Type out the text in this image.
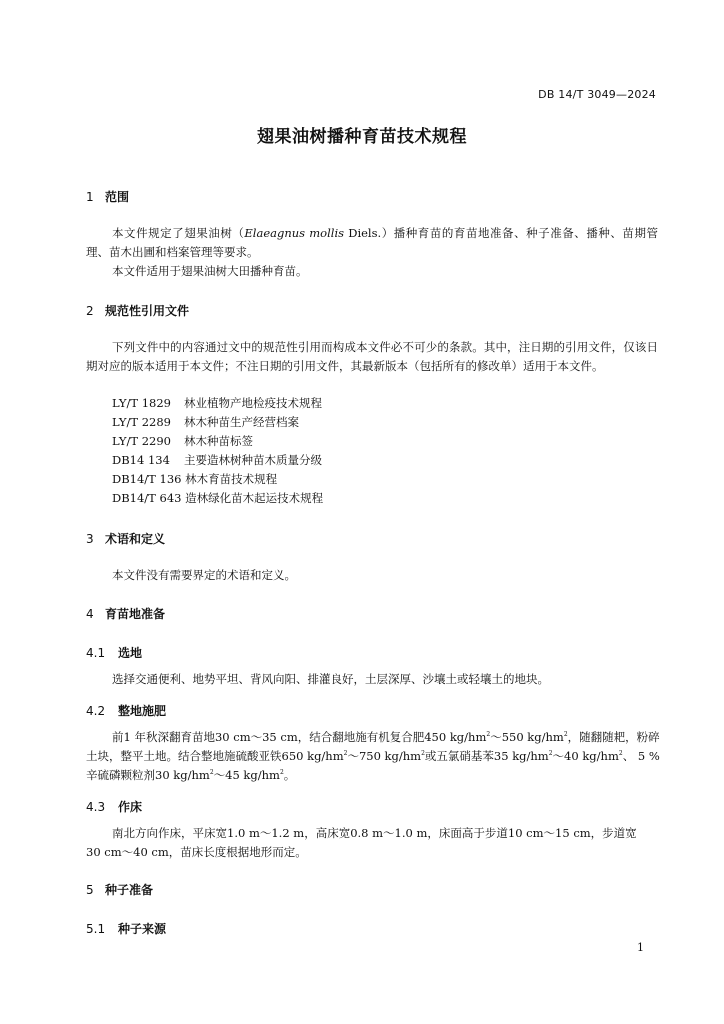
DB 14/T 3049—2024
翅果油树播种育苗技术规程
1 范围
本文件规定了翅果油树（Elaeagnus mollis Diels.）播种育苗的育苗地准备、种子准备、播种、苗期管理、苗木出圃和档案管理等要求。
本文件适用于翅果油树大田播种育苗。
2 规范性引用文件
下列文件中的内容通过文中的规范性引用而构成本文件必不可少的条款。其中，注日期的引用文件，仅该日期对应的版本适用于本文件；不注日期的引用文件，其最新版本（包括所有的修改单）适用于本文件。
LY/T 1829 林业植物产地检疫技术规程
LY/T 2289 林木种苗生产经营档案
LY/T 2290 林木种苗标签
DB14 134 主要造林树种苗木质量分级
DB14/T 136 林木育苗技术规程
DB14/T 643 造林绿化苗木起运技术规程
3 术语和定义
本文件没有需要界定的术语和定义。
4 育苗地准备
4.1 选地
选择交通便利、地势平坦、背风向阳、排灌良好，土层深厚、沙壤土或轻壤土的地块。
4.2 整地施肥
前1 年秋深翻育苗地30 cm～35 cm，结合翻地施有机复合肥450 $kg/hm^2\sim 550$ $kg/hm^2$，随翻随耙，粉碎
土块，整平土地。结合整地施硫酸亚铁650 $kg/hm^2\sim 750$ $kg/hm^2$或五氯硝基苯35 $kg/hm^2\sim 40$ $kg/hm^2$、 5 %
辛硫磷颗粒剂30 $kg/hm^2\sim 45$ $kg/hm^2$。
4.3 作床
南北方向作床，平床宽1.0 m～1.2 m，高床宽0.8 m～1.0 m，床面高于步道10 cm～15 cm，步道宽
30 cm～40 cm，苗床长度根据地形而定。
5 种子准备
5.1 种子来源
1
